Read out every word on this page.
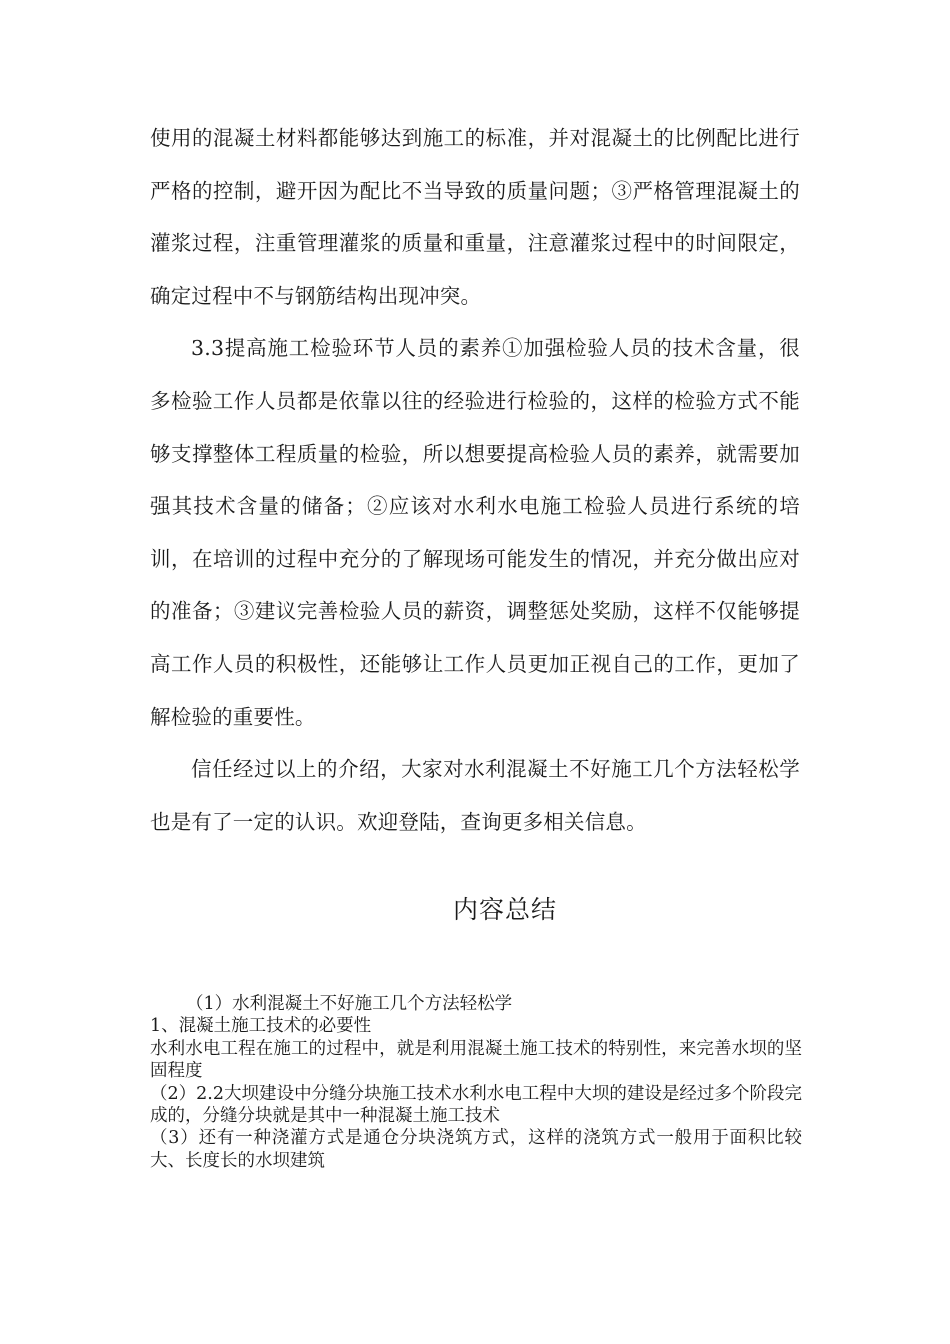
使用的混凝土材料都能够达到施工的标准，并对混凝土的比例配比进行严格的控制，避开因为配比不当导致的质量问题；③严格管理混凝土的灌浆过程，注重管理灌浆的质量和重量，注意灌浆过程中的时间限定，确定过程中不与钢筋结构出现冲突。

3.3提高施工检验环节人员的素养①加强检验人员的技术含量，很多检验工作人员都是依靠以往的经验进行检验的，这样的检验方式不能够支撑整体工程质量的检验，所以想要提高检验人员的素养，就需要加强其技术含量的储备；②应该对水利水电施工检验人员进行系统的培训，在培训的过程中充分的了解现场可能发生的情况，并充分做出应对的准备；③建议完善检验人员的薪资，调整惩处奖励，这样不仅能够提高工作人员的积极性，还能够让工作人员更加正视自己的工作，更加了解检验的重要性。

信任经过以上的介绍，大家对水利混凝土不好施工几个方法轻松学也是有了一定的认识。欢迎登陆，查询更多相关信息。

内容总结

（1）水利混凝土不好施工几个方法轻松学

1、混凝土施工技术的必要性

水利水电工程在施工的过程中，就是利用混凝土施工技术的特别性，来完善水坝的坚固程度

（2）2.2大坝建设中分缝分块施工技术水利水电工程中大坝的建设是经过多个阶段完成的，分缝分块就是其中一种混凝土施工技术

（3）还有一种浇灌方式是通仓分块浇筑方式，这样的浇筑方式一般用于面积比较大、长度长的水坝建筑
